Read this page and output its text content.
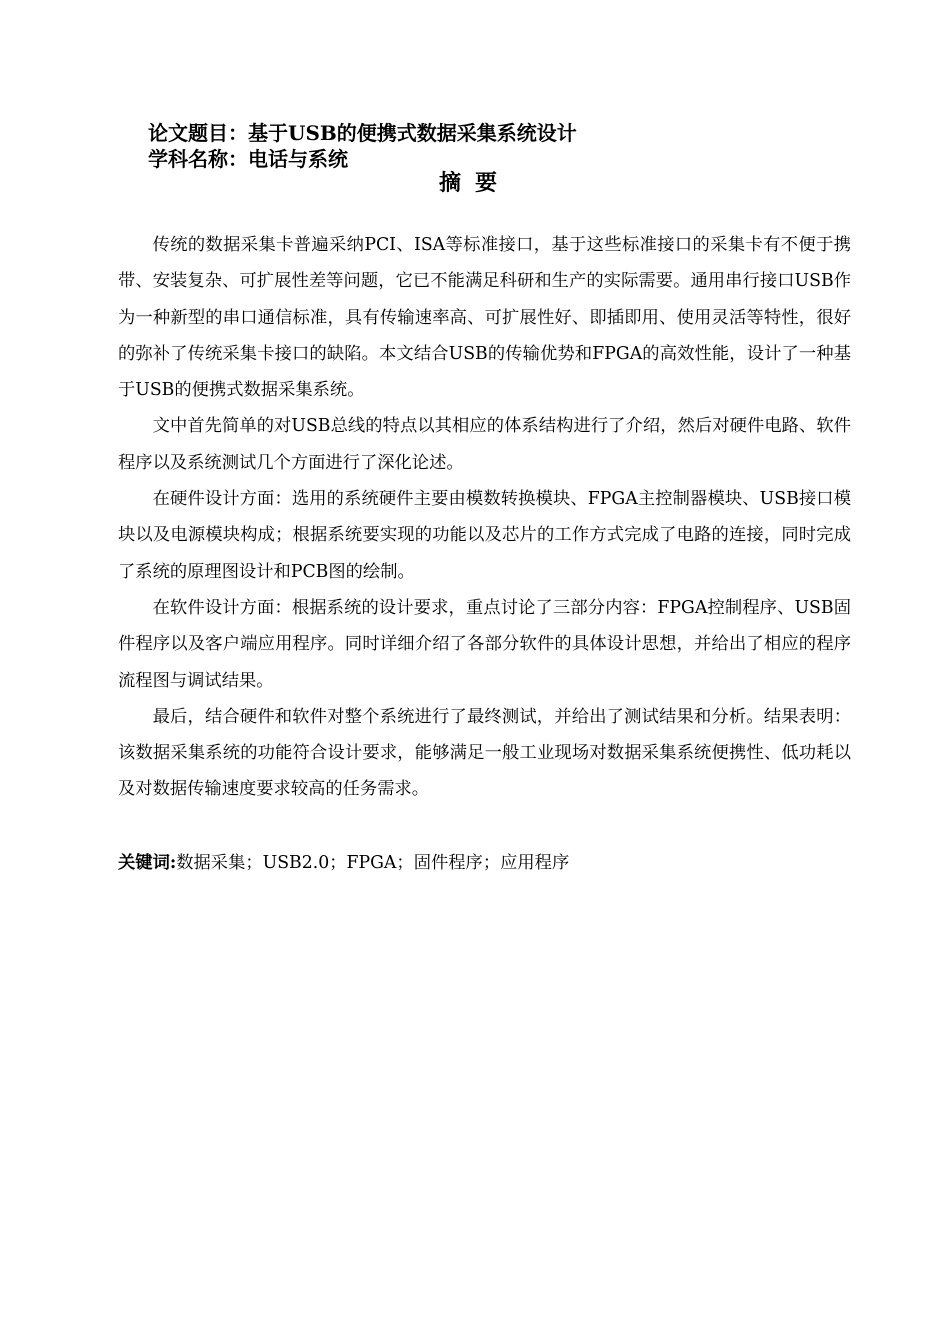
论文题目：基于USB的便携式数据采集系统设计
学科名称：电话与系统
摘要

传统的数据采集卡普遍采纳PCI、ISA等标准接口，基于这些标准接口的采集卡有不便于携带、安装复杂、可扩展性差等问题，它已不能满足科研和生产的实际需要。通用串行接口USB作为一种新型的串口通信标准，具有传输速率高、可扩展性好、即插即用、使用灵活等特性，很好的弥补了传统采集卡接口的缺陷。本文结合USB的传输优势和FPGA的高效性能，设计了一种基于USB的便携式数据采集系统。

文中首先简单的对USB总线的特点以其相应的体系结构进行了介绍，然后对硬件电路、软件程序以及系统测试几个方面进行了深化论述。

在硬件设计方面：选用的系统硬件主要由模数转换模块、FPGA主控制器模块、USB接口模块以及电源模块构成；根据系统要实现的功能以及芯片的工作方式完成了电路的连接，同时完成了系统的原理图设计和PCB图的绘制。

在软件设计方面：根据系统的设计要求，重点讨论了三部分内容：FPGA控制程序、USB固件程序以及客户端应用程序。同时详细介绍了各部分软件的具体设计思想，并给出了相应的程序流程图与调试结果。

最后，结合硬件和软件对整个系统进行了最终测试，并给出了测试结果和分析。结果表明：该数据采集系统的功能符合设计要求，能够满足一般工业现场对数据采集系统便携性、低功耗以及对数据传输速度要求较高的任务需求。

关键词:数据采集；USB2.0；FPGA；固件程序；应用程序
